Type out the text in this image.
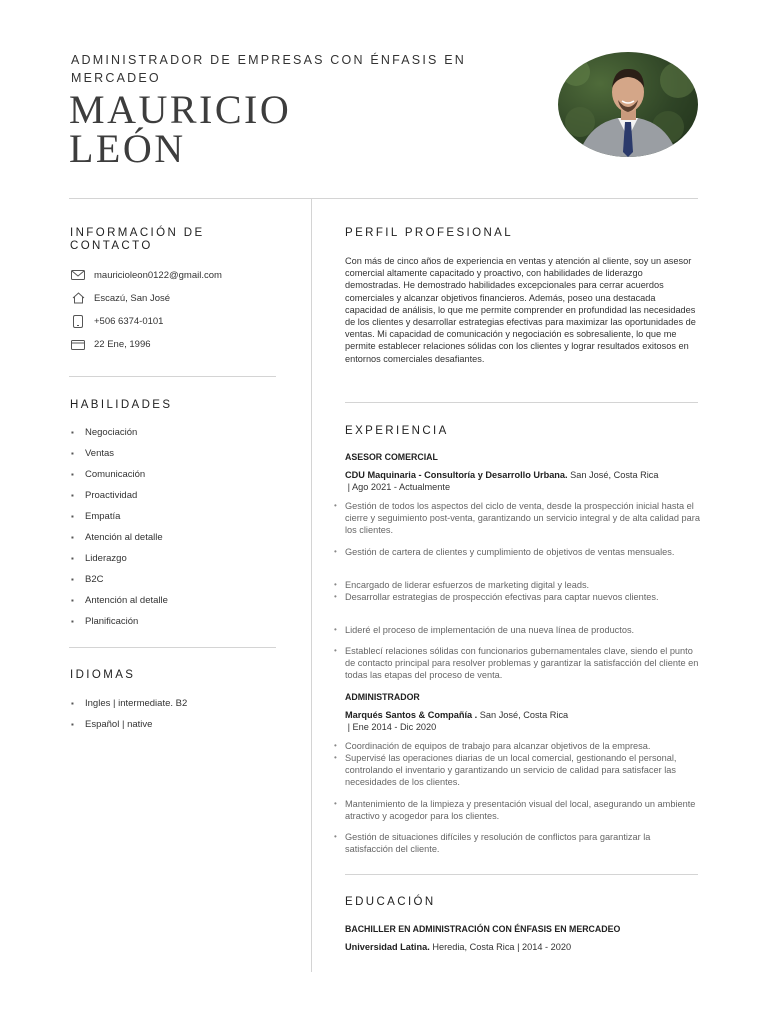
ADMINISTRADOR DE EMPRESAS CON ÉNFASIS EN MERCADEO
MAURICIO
LEÓN
INFORMACIÓN DE CONTACTO
mauricioleon0122@gmail.com
Escazú, San José
+506 6374-0101
22 Ene, 1996
HABILIDADES
▪	Negociación
▪	Ventas
▪	Comunicación
▪	Proactividad
▪	Empatía
▪	Atención al detalle
▪	Liderazgo
▪	B2C
▪	Antención al detalle
▪	Planificación
IDIOMAS
▪	Ingles | intermediate. B2
▪	Español | native
PERFIL PROFESIONAL
Con más de cinco años de experiencia en ventas y atención al cliente, soy un asesor comercial altamente capacitado y proactivo, con habilidades de liderazgo demostradas. He demostrado habilidades excepcionales para cerrar acuerdos comerciales y alcanzar objetivos financieros. Además, poseo una destacada capacidad de análisis, lo que me permite comprender en profundidad las necesidades de los clientes y desarrollar estrategias efectivas para maximizar las oportunidades de ventas. Mi capacidad de comunicación y negociación es sobresaliente, lo que me permite establecer relaciones sólidas con los clientes y lograr resultados exitosos en entornos comerciales desafiantes.
EXPERIENCIA
ASESOR COMERCIAL
CDU Maquinaria - Consultoría y Desarrollo Urbana. San José, Costa Rica
| Ago 2021 - Actualmente
• Gestión de todos los aspectos del ciclo de venta, desde la prospección inicial hasta el cierre y seguimiento post-venta, garantizando un servicio integral y de alta calidad para los clientes.
• Gestión de cartera de clientes y cumplimiento de objetivos de ventas mensuales.
• Encargado de liderar esfuerzos de marketing digital y leads.
• Desarrollar estrategias de prospección efectivas para captar nuevos clientes.
• Lideré el proceso de implementación de una nueva línea de productos.
• Establecí relaciones sólidas con funcionarios gubernamentales clave, siendo el punto de contacto principal para resolver problemas y garantizar la satisfacción del cliente en todas las etapas del proceso de venta.
ADMINISTRADOR
Marqués Santos & Compañía . San José, Costa Rica
| Ene 2014 - Dic 2020
• Coordinación de equipos de trabajo para alcanzar objetivos de la empresa.
• Supervisé las operaciones diarias de un local comercial, gestionando el personal, controlando el inventario y garantizando un servicio de calidad para satisfacer las necesidades de los clientes.
• Mantenimiento de la limpieza y presentación visual del local, asegurando un ambiente atractivo y acogedor para los clientes.
• Gestión de situaciones difíciles y resolución de conflictos para garantizar la satisfacción del cliente.
EDUCACIÓN
BACHILLER EN ADMINISTRACIÓN CON ÉNFASIS EN MERCADEO
Universidad Latina. Heredia, Costa Rica | 2014 - 2020
